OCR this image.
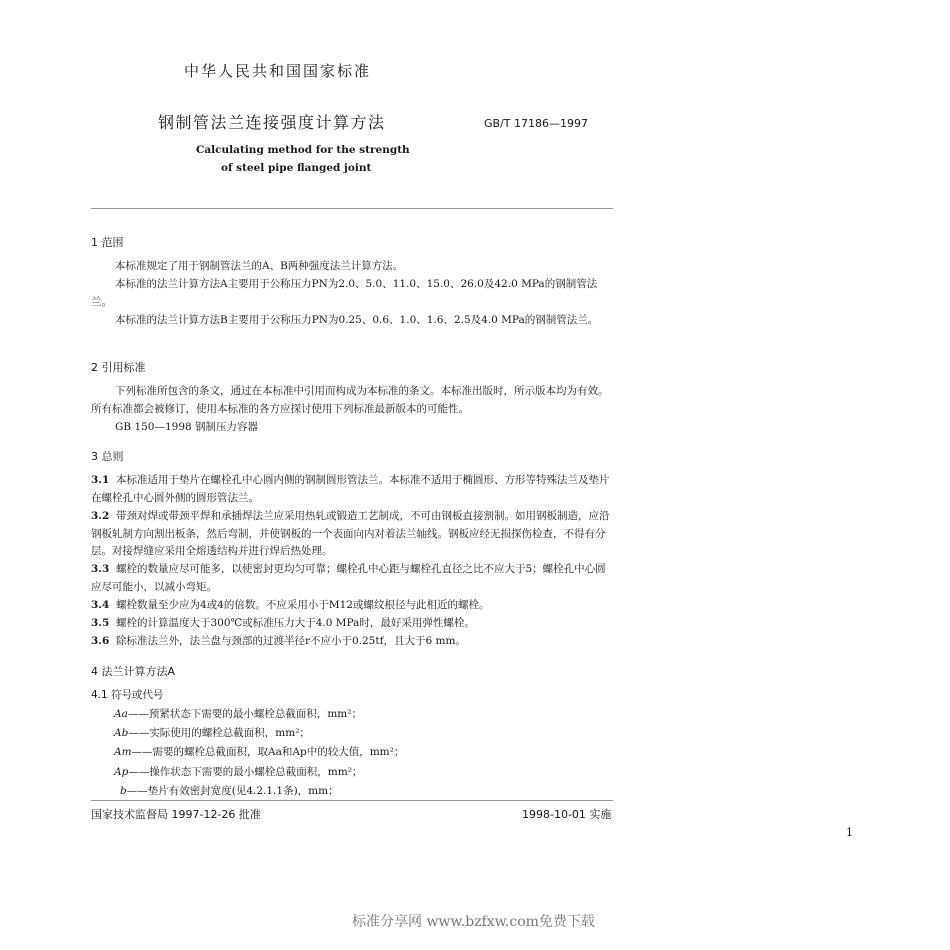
中华人民共和国国家标准
钢制管法兰连接强度计算方法	GB/T 17186—1997
Calculating method for the strength
of steel pipe flanged joint
1 范围
本标准规定了用于钢制管法兰的A、B两种强度法兰计算方法。
本标准的法兰计算方法A主要用于公称压力PN为2.0、5.0、11.0、15.0、26.0及42.0 MPa的钢制管法兰。
本标准的法兰计算方法B主要用于公称压力PN为0.25、0.6、1.0、1.6、2.5及4.0 MPa的钢制管法兰。
2 引用标准
下列标准所包含的条文，通过在本标准中引用而构成为本标准的条文。本标准出版时，所示版本均为有效。所有标准都会被修订，使用本标准的各方应探讨使用下列标准最新版本的可能性。
GB 150—1998 钢制压力容器
3 总则
3.1 本标准适用于垫片在螺栓孔中心圆内侧的钢制圆形管法兰。本标准不适用于椭圆形、方形等特殊法兰及垫片在螺栓孔中心圆外侧的圆形管法兰。
3.2 带颈对焊或带颈平焊和承插焊法兰应采用热轧或锻造工艺制成，不可由钢板直接割制。如用钢板制造，应沿钢板轧制方向割出板条，然后弯制，并使钢板的一个表面向内对着法兰轴线。钢板应经无损探伤检查，不得有分层。对接焊缝应采用全熔透结构并进行焊后热处理。
3.3 螺栓的数量应尽可能多，以使密封更均匀可靠；螺栓孔中心距与螺栓孔直径之比不应大于5；螺栓孔中心圆应尽可能小，以减小弯矩。
3.4 螺栓数量至少应为4或4的倍数。不应采用小于M12或螺纹根径与此相近的螺栓。
3.5 螺栓的计算温度大于300℃或标准压力大于4.0 MPa时，最好采用弹性螺栓。
3.6 除标准法兰外，法兰盘与颈部的过渡半径r不应小于0.25tf，且大于6 mm。
4 法兰计算方法A
4.1 符号或代号
Aa——预紧状态下需要的最小螺栓总截面积，mm²；
Ab——实际使用的螺栓总截面积，mm²；
Am——需要的螺栓总截面积，取Aa和Ap中的较大值，mm²；
Ap——操作状态下需要的最小螺栓总截面积，mm²；
b——垫片有效密封宽度(见4.2.1.1条)，mm；
国家技术监督局 1997-12-26 批准	1998-10-01 实施
1
标准分享网 www.bzfxw.com免费下载
